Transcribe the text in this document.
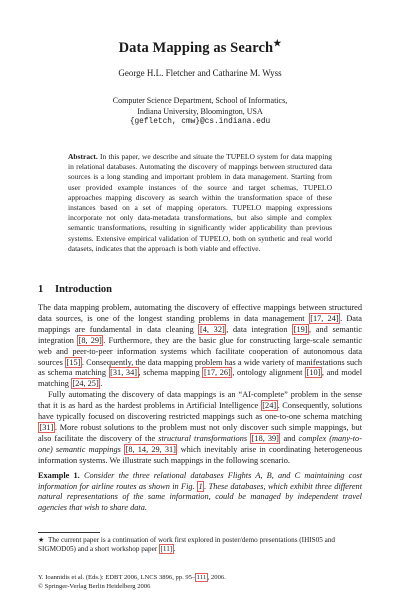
Data Mapping as Search★
George H.L. Fletcher and Catharine M. Wyss
Computer Science Department, School of Informatics,
Indiana University, Bloomington, USA
{gefletch, cmw}@cs.indiana.edu
Abstract. In this paper, we describe and situate the TUPELO system for data mapping in relational databases. Automating the discovery of mappings between structured data sources is a long standing and important problem in data management. Starting from user provided example instances of the source and target schemas, TUPELO approaches mapping discovery as search within the transformation space of these instances based on a set of mapping operators. TUPELO mapping expressions incorporate not only data-metadata transformations, but also simple and complex semantic transformations, resulting in significantly wider applicability than previous systems. Extensive empirical validation of TUPELO, both on synthetic and real world datasets, indicates that the approach is both viable and effective.
1 Introduction

The data mapping problem, automating the discovery of effective mappings between structured data sources, is one of the longest standing problems in data management [17, 24] . Data mappings are fundamental in data cleaning [4, 32] , data integration [19] , and semantic integration [8, 29] . Furthermore, they are the basic glue for constructing large-scale semantic web and peer-to-peer information systems which facilitate cooperation of autonomous data sources [15] . Consequently, the data mapping problem has a wide variety of manifestations such as schema matching [31, 34] , schema mapping [17, 26] , ontology alignment [10] , and model matching [24, 25] .

Fully automating the discovery of data mappings is an “AI-complete” problem in the sense that it is as hard as the hardest problems in Artificial Intelligence [24] . Consequently, solutions have typically focused on discovering restricted mappings such as one-to-one schema matching [31] . More robust solutions to the problem must not only discover such simple mappings, but also facilitate the discovery of the structural transformations [18, 39] and complex (many-to-one) semantic mappings [8, 14, 29, 31] which inevitably arise in coordinating heterogeneous information systems. We illustrate such mappings in the following scenario.

Example 1. Consider the three relational databases Flights A, B, and C maintaining cost information for airline routes as shown in Fig. 1 . These databases, which exhibit three different natural representations of the same information, could be managed by independent travel agencies that wish to share data.

★ The current paper is a continuation of work first explored in poster/demo presentations (IHIS05 and SIGMOD05) and a short workshop paper [11] .
Y. Ioannidis et al. (Eds.): EDBT 2006, LNCS 3896, pp. 95– 111 , 2006.
© Springer-Verlag Berlin Heidelberg 2006
